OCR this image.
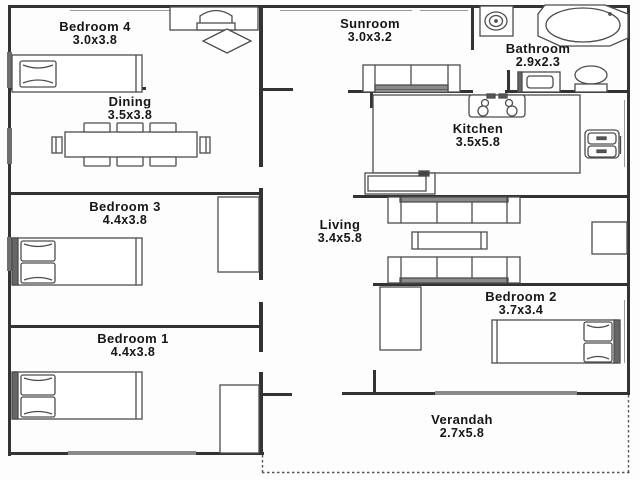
Bedroom 4
3.0x3.8
Sunroom
3.0x3.2
Bathroom
2.9x2.3
Dining
3.5x3.8
Kitchen
3.5x5.8
Bedroom 3
4.4x3.8	Living
3.4x5.8
Bedroom 1
4.4x3.8
Bedroom 2
3.7x3.4
Verandah
2.7x5.8
